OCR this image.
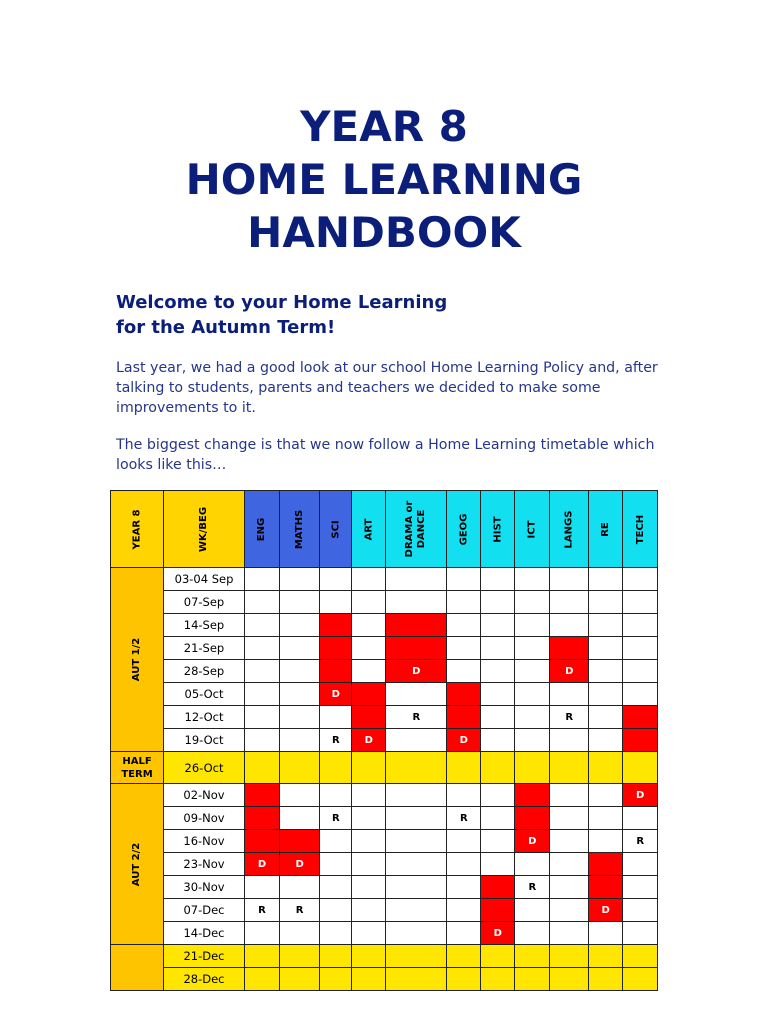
YEAR 8
HOME LEARNING
HANDBOOK
Welcome to your Home Learning
for the Autumn Term!
Last year, we had a good look at our school Home Learning Policy and, after talking to students, parents and teachers we decided to make some improvements to it.
The biggest change is that we now follow a Home Learning timetable which looks like this…
YEAR 8	WK/BEG	ENG	MATHS	SCI	ART	DRAMA or DANCE	GEOG	HIST	ICT	LANGS	RE	TECH
AUT 1/2	03-04 Sep											
	07-Sep											
	14-Sep											
	21-Sep											
	28-Sep					D				D		
	05-Oct			D								
	12-Oct					R				R		
	19-Oct			R	D		D					

HALF
TERM	26-Oct											
AUT 2/2	02-Nov											D
	09-Nov			R			R					
	16-Nov								D			R
	23-Nov	D	D									
	30-Nov								R			
	07-Dec	R	R								D	
	14-Dec							D				
	21-Dec											
	28-Dec											
